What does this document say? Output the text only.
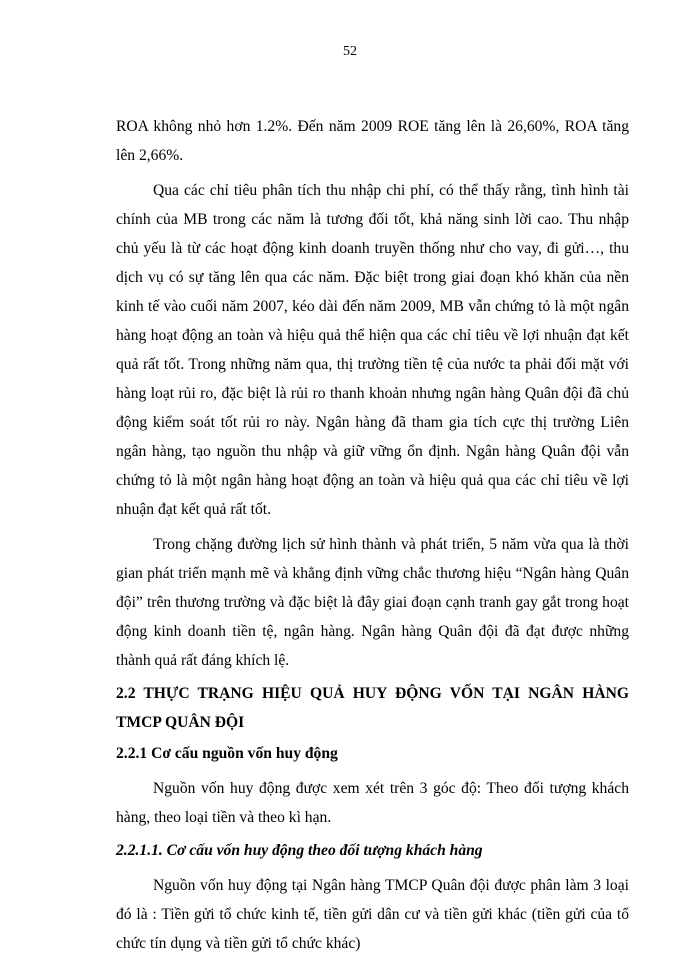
52

ROA không nhỏ hơn 1.2%. Đến năm 2009 ROE tăng lên là 26,60%, ROA tăng lên 2,66%.

Qua các chỉ tiêu phân tích thu nhập chi phí, có thể thấy rằng, tình hình tài chính của MB trong các năm là tương đối tốt, khả năng sinh lời cao. Thu nhập chủ yếu là từ các hoạt động kinh doanh truyền thống như cho vay, đi gửi…, thu dịch vụ có sự tăng lên qua các năm. Đặc biệt trong giai đoạn khó khăn của nền kinh tế vào cuối năm 2007, kéo dài đến năm 2009, MB vẫn chứng tỏ là một ngân hàng hoạt động an toàn và hiệu quả thể hiện qua các chỉ tiêu về lợi nhuận đạt kết quả rất tốt. Trong những năm qua, thị trường tiền tệ của nước ta phải đối mặt với hàng loạt rủi ro, đặc biệt là rủi ro thanh khoản nhưng ngân hàng Quân đội đã chủ động kiểm soát tốt rủi ro này. Ngân hàng đã tham gia tích cực thị trường Liên ngân hàng, tạo nguồn thu nhập và giữ vững ổn định. Ngân hàng Quân đội vẫn chứng tỏ là một ngân hàng hoạt động an toàn và hiệu quả qua các chỉ tiêu về lợi nhuận đạt kết quả rất tốt.

Trong chặng đường lịch sử hình thành và phát triển, 5 năm vừa qua là thời gian phát triển mạnh mẽ và khẳng định vững chắc thương hiệu “Ngân hàng Quân đội” trên thương trường và đặc biệt là đây giai đoạn cạnh tranh gay gắt trong hoạt động kinh doanh tiền tệ, ngân hàng. Ngân hàng Quân đội đã đạt được những thành quả rất đáng khích lệ.

2.2 THỰC TRẠNG HIỆU QUẢ HUY ĐỘNG VỐN TẠI NGÂN HÀNG TMCP QUÂN ĐỘI
2.2.1 Cơ cấu nguồn vốn huy động

Nguồn vốn huy động được xem xét trên 3 góc độ: Theo đối tượng khách hàng, theo loại tiền và theo kì hạn.

2.2.1.1. Cơ cấu vốn huy động theo đối tượng khách hàng

Nguồn vốn huy động tại Ngân hàng TMCP Quân đội được phân làm 3 loại đó là : Tiền gửi tổ chức kinh tế, tiền gửi dân cư và tiền gửi khác (tiền gửi của tổ chức tín dụng và tiền gửi tổ chức khác)
